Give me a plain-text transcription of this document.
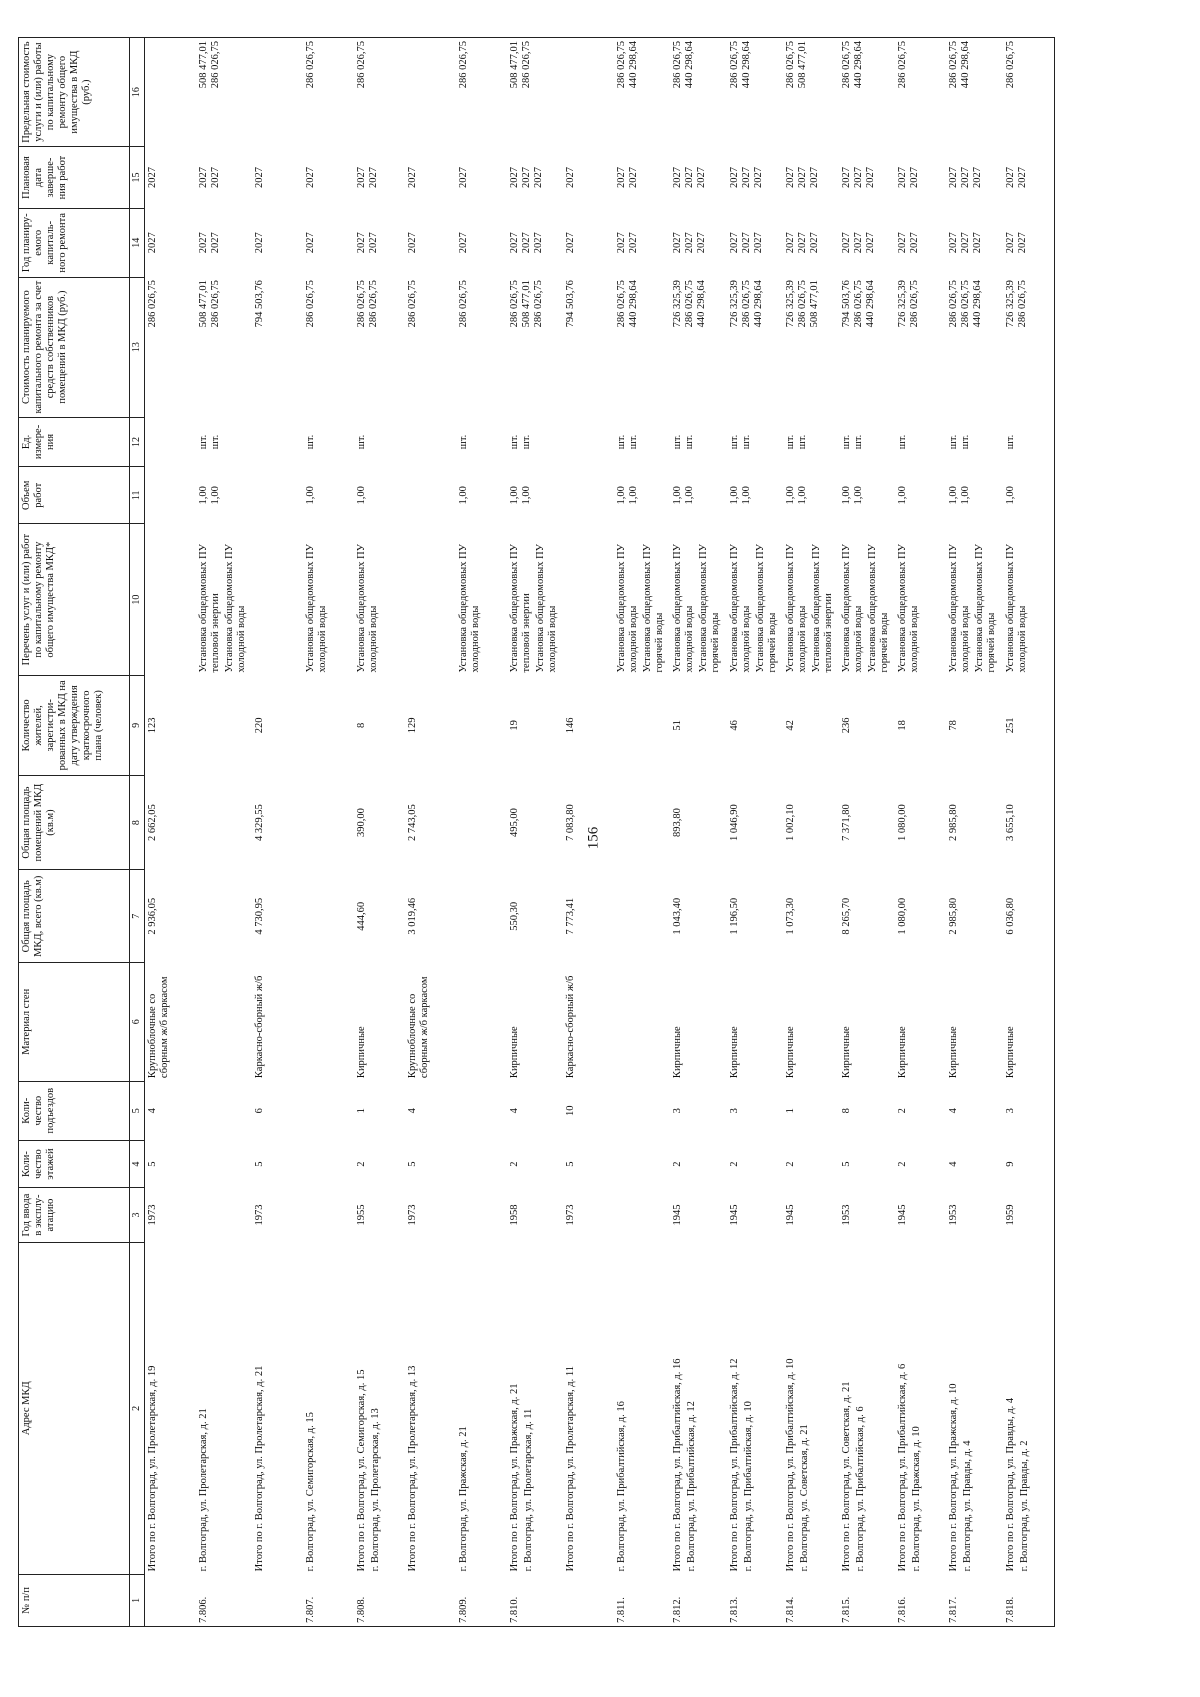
156
№ п/п	Адрес МКД	Год ввода в эксплу-атацию	Коли-чество этажей	Коли-чество подъездов	Материал стен	Общая площадь МКД, всего (кв.м)	Общая площадь помещений МКД (кв.м)	Количество жителей, зарегистри-рованных в МКД на дату утверждения краткосрочного плана (человек)	Перечень услуг и (или) работ по капитальному ремонту общего имущества МКД*	Объем работ	Ед. измере-ния	Стоимость планируемого капитального ремонта за счет средств собственников помещений в МКД (руб.)	Год планиру-емого капиталь-ного ремонта	Плановая дата заверше-ния работ	Предельная стоимость услуги и (или) работы по капитальному ремонту общего имущества в МКД (руб.)
1	2	3	4	5	6	7	8	9	10	11	12	13	14	15	16

	Итого по г. Волгоград, ул. Пролетарская, д. 19	1973	5	4	Крупноблочные со сборным ж/б каркасом	2 936,05	2 662,05	123				286 026,75	2027	2027	

7.806.	г. Волгоград, ул. Пролетарская, д. 21								Установка общедомовых ПУ тепловой энергии Установка общедомовых ПУ холодной воды	1,00 1,00	шт. шт.	508 477,01 286 026,75	2027 2027	2027 2027	508 477,01 286 026,75

	Итого по г. Волгоград, ул. Пролетарская, д. 21	1973	5	6	Каркасно-сборный ж/б	4 730,95	4 329,55	220				794 503,76	2027	2027	

7.807.	г. Волгоград, ул. Семигорская, д. 15								Установка общедомовых ПУ холодной воды	1,00	шт.	286 026,75	2027	2027	286 026,75

7.808.	Итого по г. Волгоград, ул. Семигорская, д. 15 г. Волгоград, ул. Пролетарская, д. 13	1955	2	1	Кирпичные	444,60	390,00	8	Установка общедомовых ПУ холодной воды	1,00	шт.	286 026,75 286 026,75	2027 2027	2027 2027	286 026,75

	Итого по г. Волгоград, ул. Пролетарская, д. 13	1973	5	4	Крупноблочные со сборным ж/б каркасом	3 019,46	2 743,05	129				286 026,75	2027	2027	

7.809.	г. Волгоград, ул. Пражская, д. 21								Установка общедомовых ПУ холодной воды	1,00	шт.	286 026,75	2027	2027	286 026,75

7.810.	Итого по г. Волгоград, ул. Пражская, д. 21 г. Волгоград, ул. Пролетарская, д. 11	1958	2	4	Кирпичные	550,30	495,00	19	Установка общедомовых ПУ тепловой энергии Установка общедомовых ПУ холодной воды	1,00 1,00	шт. шт.	286 026,75 508 477,01 286 026,75	2027 2027 2027	2027 2027 2027	508 477,01 286 026,75

	Итого по г. Волгоград, ул. Пролетарская, д. 11	1973	5	10	Каркасно-сборный ж/б	7 773,41	7 083,80	146				794 503,76	2027	2027	

7.811.	г. Волгоград, ул. Прибалтийская, д. 16								Установка общедомовых ПУ холодной воды Установка общедомовых ПУ горячей воды	1,00 1,00	шт. шт.	286 026,75 440 298,64	2027 2027	2027 2027	286 026,75 440 298,64

7.812.	Итого по г. Волгоград, ул. Прибалтийская, д. 16 г. Волгоград, ул. Прибалтийская, д. 12	1945	2	3	Кирпичные	1 043,40	893,80	51	Установка общедомовых ПУ холодной воды Установка общедомовых ПУ горячей воды	1,00 1,00	шт. шт.	726 325,39 286 026,75 440 298,64	2027 2027 2027	2027 2027 2027	286 026,75 440 298,64

7.813.	Итого по г. Волгоград, ул. Прибалтийская, д. 12 г. Волгоград, ул. Прибалтийская, д. 10	1945	2	3	Кирпичные	1 196,50	1 046,90	46	Установка общедомовых ПУ холодной воды Установка общедомовых ПУ горячей воды	1,00 1,00	шт. шт.	726 325,39 286 026,75 440 298,64	2027 2027 2027	2027 2027 2027	286 026,75 440 298,64

7.814.	Итого по г. Волгоград, ул. Прибалтийская, д. 10 г. Волгоград, ул. Советская, д. 21	1945	2	1	Кирпичные	1 073,30	1 002,10	42	Установка общедомовых ПУ холодной воды Установка общедомовых ПУ тепловой энергии	1,00 1,00	шт. шт.	726 325,39 286 026,75 508 477,01	2027 2027 2027	2027 2027 2027	286 026,75 508 477,01

7.815.	Итого по г. Волгоград, ул. Советская, д. 21 г. Волгоград, ул. Прибалтийская, д. 6	1953	5	8	Кирпичные	8 265,70	7 371,80	236	Установка общедомовых ПУ холодной воды Установка общедомовых ПУ горячей воды	1,00 1,00	шт. шт.	794 503,76 286 026,75 440 298,64	2027 2027 2027	2027 2027 2027	286 026,75 440 298,64

7.816.	Итого по г. Волгоград, ул. Прибалтийская, д. 6 г. Волгоград, ул. Пражская, д. 10	1945	2	2	Кирпичные	1 080,00	1 080,00	18	Установка общедомовых ПУ холодной воды	1,00	шт.	726 325,39 286 026,75	2027 2027	2027 2027	286 026,75

7.817.	Итого по г. Волгоград, ул. Пражская, д. 10 г. Волгоград, ул. Правды, д. 4	1953	4	4	Кирпичные	2 985,80	2 985,80	78	Установка общедомовых ПУ холодной воды Установка общедомовых ПУ горячей воды	1,00 1,00	шт. шт.	286 026,75 286 026,75 440 298,64	2027 2027 2027	2027 2027 2027	286 026,75 440 298,64

7.818.	Итого по г. Волгоград, ул. Правды, д. 4 г. Волгоград, ул. Правды, д. 2	1959	9	3	Кирпичные	6 036,80	3 655,10	251	Установка общедомовых ПУ холодной воды	1,00	шт.	726 325,39 286 026,75	2027 2027	2027 2027	286 026,75
